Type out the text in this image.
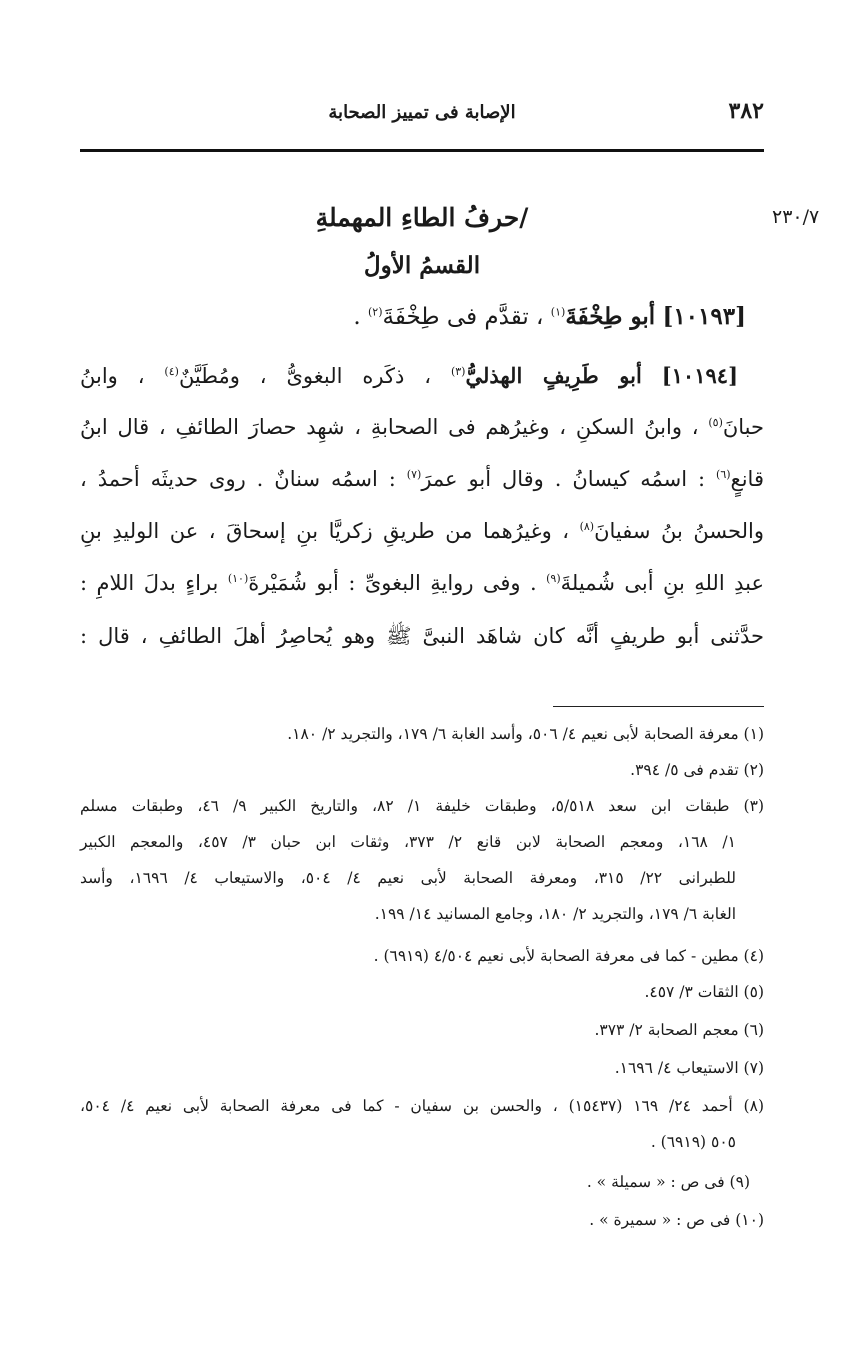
٣٨٢
الإصابة فى تمييز الصحابة
٢٣٠/٧
/حرفُ الطاءِ المهملةِ
القسمُ الأولُ
[١٠١٩٣] أبو طِخْفَةَ$^{(١)}$ ، تقدَّم فى طِخْفَةَ$^{(٢)}$ .
[١٠١٩٤] أبو طَرِيفٍ الهذليُّ$^{(٣)}$ ، ذكَره البغوىُّ ، ومُطَيَّنٌ$^{(٤)}$ ، وابنُ
حبانَ$^{(٥)}$ ، وابنُ السكنِ ، وغيرُهم فى الصحابةِ ، شهِد حصارَ الطائفِ ، قال ابنُ
قانعٍ$^{(٦)}$ : اسمُه كيسانُ . وقال أبو عمرَ$^{(٧)}$ : اسمُه سنانٌ . روى حديثَه أحمدُ ،
والحسنُ بنُ سفيانَ$^{(٨)}$ ، وغيرُهما من طريقِ زكريَّا بنِ إسحاقَ ، عن الوليدِ بنِ
عبدِ اللهِ بنِ أبى شُميلةَ$^{(٩)}$ . وفى روايةِ البغوىِّ : أبو شُمَيْرةَ$^{(١٠)}$ براءٍ بدلَ اللامِ :
حدَّثنى أبو طريفٍ أنَّه كان شاهَد النبىَّ ﷺ وهو يُحاصِرُ أهلَ الطائفِ ، قال :
(١) معرفة الصحابة لأبى نعيم ٤/ ٥٠٦، وأسد الغابة ٦/ ١٧٩، والتجريد ٢/ ١٨٠.
(٢) تقدم فى ٥/ ٣٩٤.
(٣) طبقات ابن سعد ٥/٥١٨، وطبقات خليفة ١/ ٨٢، والتاريخ الكبير ٩/ ٤٦، وطبقات مسلم
١/ ١٦٨، ومعجم الصحابة لابن قانع ٢/ ٣٧٣، وثقات ابن حبان ٣/ ٤٥٧، والمعجم الكبير
للطبرانى ٢٢/ ٣١٥، ومعرفة الصحابة لأبى نعيم ٤/ ٥٠٤، والاستيعاب ٤/ ١٦٩٦، وأسد
الغابة ٦/ ١٧٩، والتجريد ٢/ ١٨٠، وجامع المسانيد ١٤/ ١٩٩.
(٤) مطين - كما فى معرفة الصحابة لأبى نعيم ٤/٥٠٤ (٦٩١٩) .
(٥) الثقات ٣/ ٤٥٧.
(٦) معجم الصحابة ٢/ ٣٧٣.
(٧) الاستيعاب ٤/ ١٦٩٦.
(٨) أحمد ٢٤/ ١٦٩ (١٥٤٣٧) ، والحسن بن سفيان - كما فى معرفة الصحابة لأبى نعيم ٤/ ٥٠٤،
٥٠٥ (٦٩١٩) .
(٩) فى ص : « سميلة » .
(١٠) فى ص : « سميرة » .
